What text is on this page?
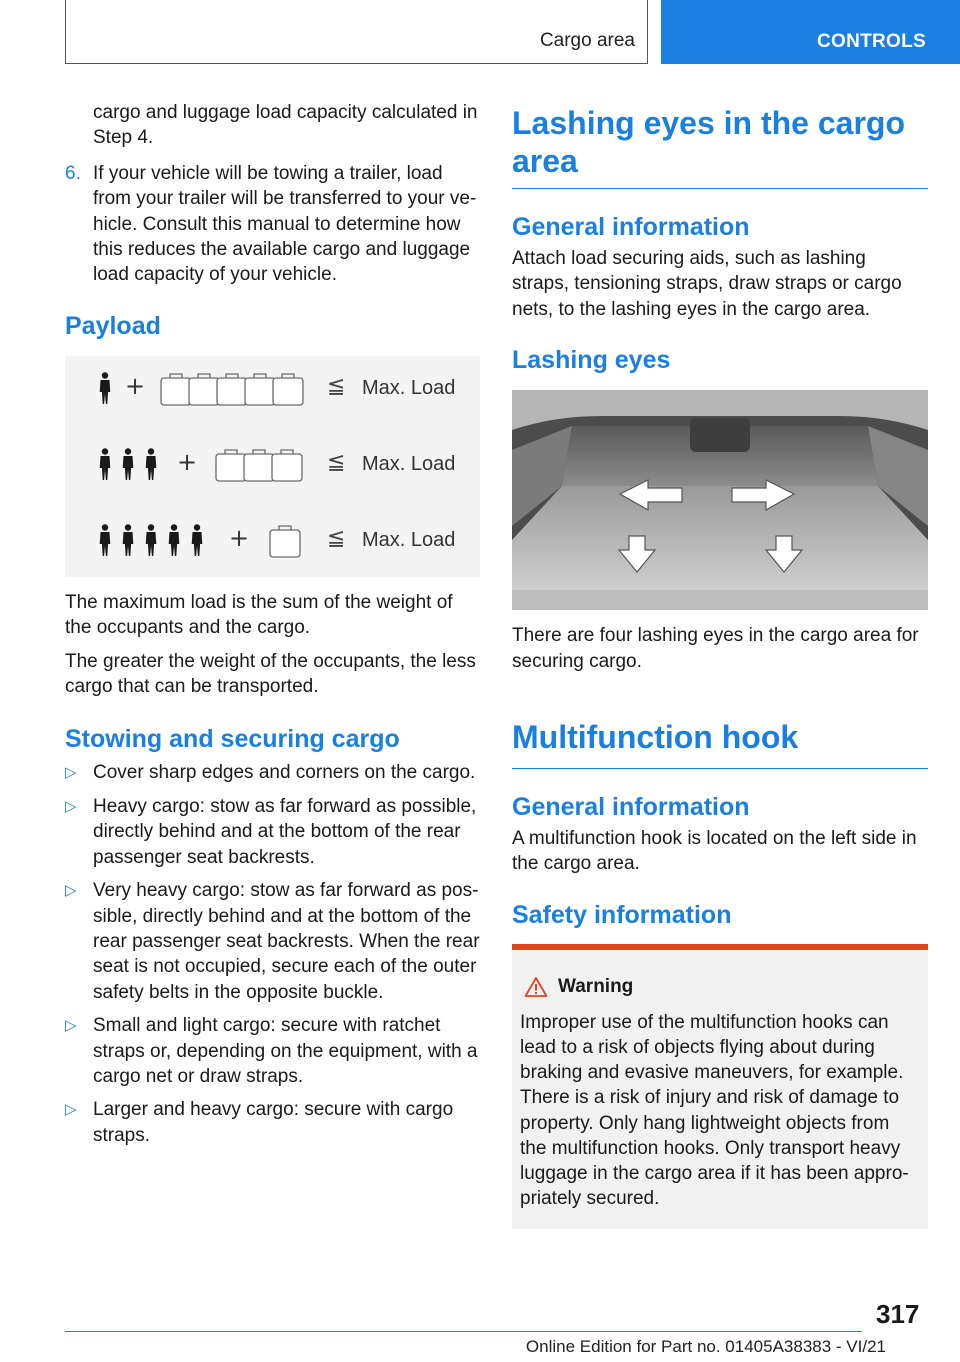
Cargo area	CONTROLS
cargo and luggage load capacity calculated in Step 4.
6. If your vehicle will be towing a trailer, load from your trailer will be transferred to your vehicle. Consult this manual to determine how this reduces the available cargo and luggage load capacity of your vehicle.
Payload
+	≦ Max. Load
+	≦ Max. Load
+	≦ Max. Load

The maximum load is the sum of the weight of the occupants and the cargo.

The greater the weight of the occupants, the less cargo that can be transported.

Stowing and securing cargo
▷ Cover sharp edges and corners on the cargo.
▷ Heavy cargo: stow as far forward as possible, directly behind and at the bottom of the rear passenger seat backrests.
▷ Very heavy cargo: stow as far forward as possible, directly behind and at the bottom of the rear passenger seat backrests. When the rear seat is not occupied, secure each of the outer safety belts in the opposite buckle.
▷ Small and light cargo: secure with ratchet straps or, depending on the equipment, with a cargo net or draw straps.
▷ Larger and heavy cargo: secure with cargo straps.
Lashing eyes in the cargo area
General information

Attach load securing aids, such as lashing straps, tensioning straps, draw straps or cargo nets, to the lashing eyes in the cargo area.

Lashing eyes

There are four lashing eyes in the cargo area for securing cargo.

Multifunction hook
General information

A multifunction hook is located on the left side in the cargo area.

Safety information
Warning
Improper use of the multifunction hooks can lead to a risk of objects flying about during braking and evasive maneuvers, for example. There is a risk of injury and risk of damage to property. Only hang lightweight objects from the multifunction hooks. Only transport heavy luggage in the cargo area if it has been appropriately secured.
317
Online Edition for Part no. 01405A38383 - VI/21
